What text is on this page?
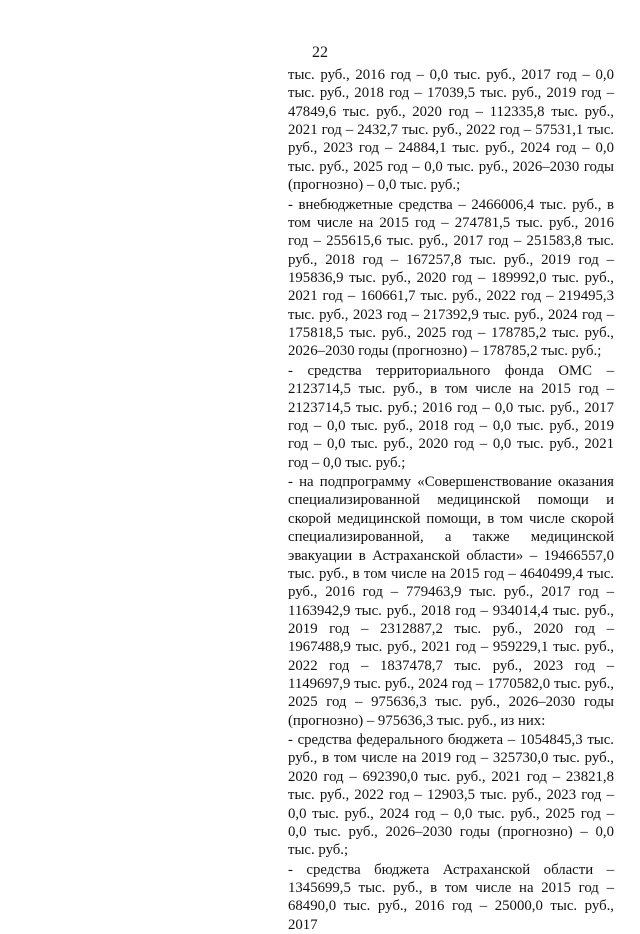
22

тыс. руб., 2016 год – 0,0 тыс. руб., 2017 год – 0,0 тыс. руб., 2018 год – 17039,5 тыс. руб., 2019 год – 47849,6 тыс. руб., 2020 год – 112335,8 тыс. руб., 2021 год – 2432,7 тыс. руб., 2022 год – 57531,1 тыс. руб., 2023 год – 24884,1 тыс. руб., 2024 год – 0,0 тыс. руб., 2025 год – 0,0 тыс. руб., 2026–2030 годы (прогнозно) – 0,0 тыс. руб.;

- внебюджетные средства – 2466006,4 тыс. руб., в том числе на 2015 год – 274781,5 тыс. руб., 2016 год – 255615,6 тыс. руб., 2017 год – 251583,8 тыс. руб., 2018 год – 167257,8 тыс. руб., 2019 год – 195836,9 тыс. руб., 2020 год – 189992,0 тыс. руб., 2021 год – 160661,7 тыс. руб., 2022 год – 219495,3 тыс. руб., 2023 год – 217392,9 тыс. руб., 2024 год – 175818,5 тыс. руб., 2025 год – 178785,2 тыс. руб., 2026–2030 годы (прогнозно) – 178785,2 тыс. руб.;

- средства территориального фонда ОМС – 2123714,5 тыс. руб., в том числе на 2015 год – 2123714,5 тыс. руб.; 2016 год – 0,0 тыс. руб., 2017 год – 0,0 тыс. руб., 2018 год – 0,0 тыс. руб., 2019 год – 0,0 тыс. руб., 2020 год – 0,0 тыс. руб., 2021 год – 0,0 тыс. руб.;

- на подпрограмму «Совершенствование оказания специализированной медицинской помощи и скорой медицинской помощи, в том числе скорой специализированной, а также медицинской эвакуации в Астраханской области» – 19466557,0 тыс. руб., в том числе на 2015 год – 4640499,4 тыс. руб., 2016 год – 779463,9 тыс. руб., 2017 год – 1163942,9 тыс. руб., 2018 год – 934014,4 тыс. руб., 2019 год – 2312887,2 тыс. руб., 2020 год – 1967488,9 тыс. руб., 2021 год – 959229,1 тыс. руб., 2022 год – 1837478,7 тыс. руб., 2023 год – 1149697,9 тыс. руб., 2024 год – 1770582,0 тыс. руб., 2025 год – 975636,3 тыс. руб., 2026–2030 годы (прогнозно) – 975636,3 тыс. руб., из них:

- средства федерального бюджета – 1054845,3 тыс. руб., в том числе на 2019 год – 325730,0 тыс. руб., 2020 год – 692390,0 тыс. руб., 2021 год – 23821,8 тыс. руб., 2022 год – 12903,5 тыс. руб., 2023 год – 0,0 тыс. руб., 2024 год – 0,0 тыс. руб., 2025 год – 0,0 тыс. руб., 2026–2030 годы (прогнозно) – 0,0 тыс. руб.;

- средства бюджета Астраханской области – 1345699,5 тыс. руб., в том числе на 2015 год – 68490,0 тыс. руб., 2016 год – 25000,0 тыс. руб., 2017
